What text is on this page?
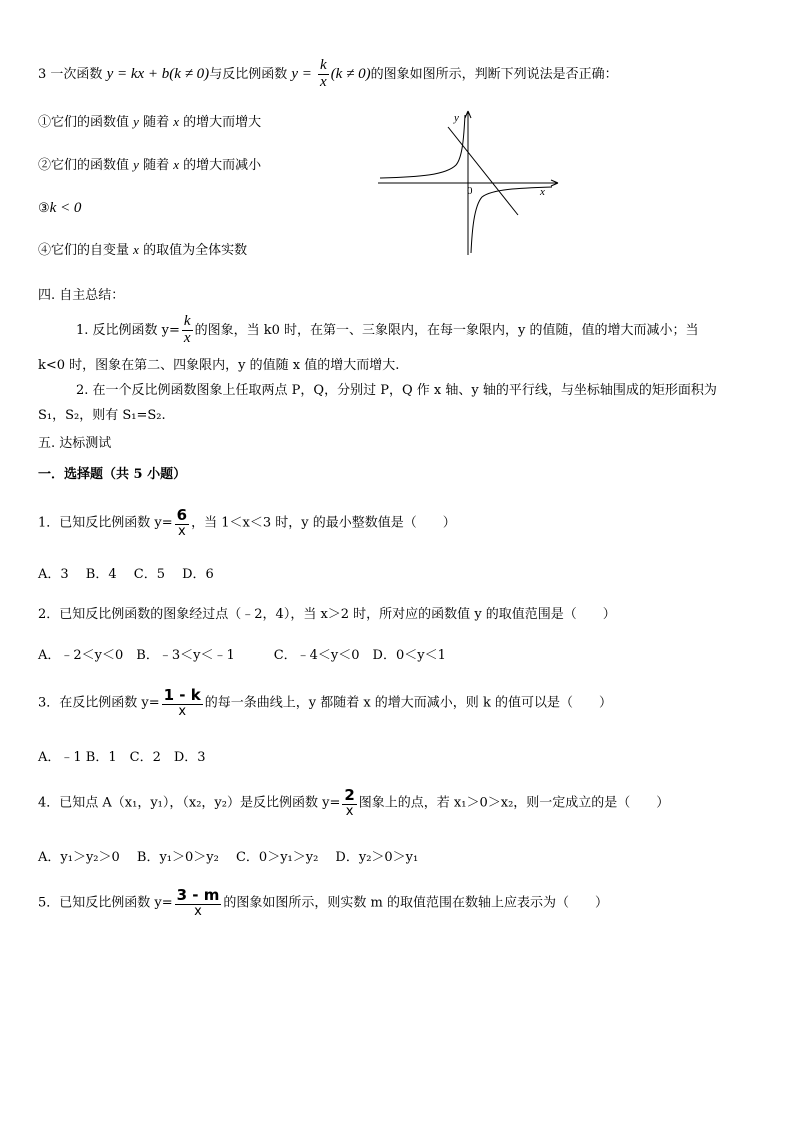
3 一次函数 y = kx + b(k ≠ 0)与反比例函数 $y = \frac{k}{x} (k \ne 0)$的图象如图所示，判断下列说法是否正确：
①它们的函数值 y 随着 x 的增大而增大
②它们的函数值 y 随着 x 的增大而减小
③k < 0
④它们的自变量 x 的取值为全体实数
y
x
0
四. 自主总结：
1. 反比例函数 $y= \frac{k}{x}$ 的图象，当 k0 时，在第一、三象限内，在每一象限内，y 的值随，值的增大而减小；当
k<0 时，图象在第二、四象限内，y 的值随 x 值的增大而增大.
2. 在一个反比例函数图象上任取两点 P，Q，分别过 P，Q 作 x 轴、y 轴的平行线，与坐标轴围成的矩形面积为
S₁，S₂，则有 S₁=S₂.
五. 达标测试
一．选择题（共 5 小题）
1．已知反比例函数 $y= \frac{6}{x}$ ，当 1＜x＜3 时，y 的最小整数值是（　　）
A．3　 B．4　 C．5　 D．6
2．已知反比例函数的图象经过点（﹣2，4），当 x＞2 时，所对应的函数值 y 的取值范围是（　　）
A．﹣2＜y＜0　B．﹣3＜y＜﹣1　　　C．﹣4＜y＜0　D．0＜y＜1
3．在反比例函数 $y= \frac{1 - k}{x}$ 的每一条曲线上，y 都随着 x 的增大而减小，则 k 的值可以是（　　）
A．﹣1 B．1　C．2　D．3
4．已知点 A（x₁，y₁），（x₂，y₂）是反比例函数 $y= \frac{2}{x}$ 图象上的点，若 x₁＞0＞x₂，则一定成立的是（　　）
A．y₁＞y₂＞0　 B．y₁＞0＞y₂　 C．0＞y₁＞y₂　 D．y₂＞0＞y₁
5．已知反比例函数 $y= \frac{3 - m}{x}$ 的图象如图所示，则实数 m 的取值范围在数轴上应表示为（　　）
